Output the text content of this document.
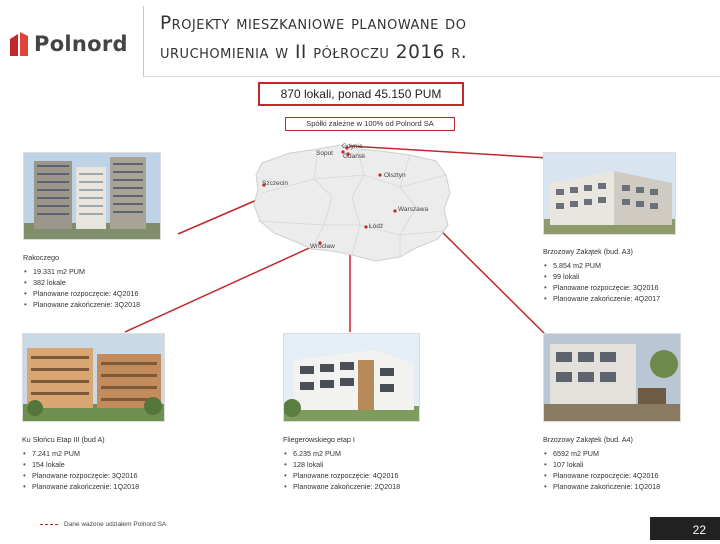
Polnord
Projekty mieszkaniowe planowane do
uruchomienia w II półroczu 2016 r.
870 lokali, ponad 45.150 PUM
Spółki zależne w 100% od Polnord SA
Sopot
Gdynia
Gdańsk
Olsztyn
Szczecin
Warszawa
Łódź
Wrocław
Rakoczego
• 19.331 m2 PUM
• 382 lokale
• Planowane rozpoczęcie: 4Q2016
• Planowane zakończenie: 3Q2018
Brzozowy Zakątek (bud. A3)
• 5.854 m2 PUM
• 99 lokali
• Planowane rozpoczęcie: 3Q2016
• Planowane zakończenie: 4Q2017
Ku Słońcu Etap III (bud A)
• 7.241 m2 PUM
• 154 lokale
• Planowane rozpoczęcie: 3Q2016
• Planowane zakończenie: 1Q2018
Fliegerowskiego etap I
• 6.235 m2 PUM
• 128 lokali
• Planowane rozpoczęcie: 4Q2016
• Planowane zakończenie: 2Q2018
Brzozowy Zakątek (bud. A4)
• 6592 m2 PUM
• 107 lokali
• Planowane rozpoczęcie: 4Q2016
• Planowane zakończenie: 1Q2018
Dane ważone udziałem Polnord SA	22
